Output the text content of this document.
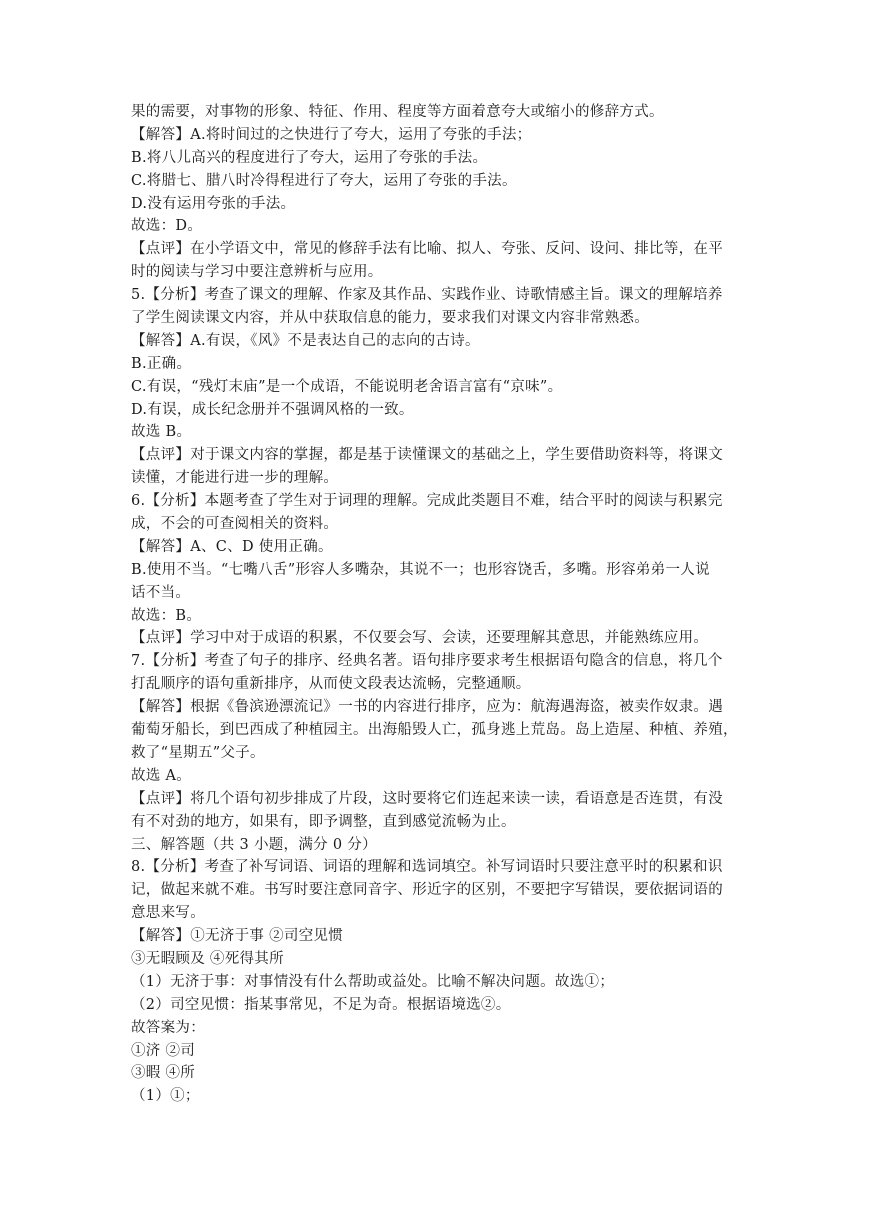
果的需要，对事物的形象、特征、作用、程度等方面着意夸大或缩小的修辞方式。
【解答】A.将时间过的之快进行了夸大，运用了夸张的手法；
B.将八儿高兴的程度进行了夸大，运用了夸张的手法。
C.将腊七、腊八时冷得程进行了夸大，运用了夸张的手法。
D.没有运用夸张的手法。
故选：D。
【点评】在小学语文中，常见的修辞手法有比喻、拟人、夸张、反问、设问、排比等，在平
时的阅读与学习中要注意辨析与应用。
5.【分析】考查了课文的理解、作家及其作品、实践作业、诗歌情感主旨。课文的理解培养
了学生阅读课文内容，并从中获取信息的能力，要求我们对课文内容非常熟悉。
【解答】A.有误，《风》不是表达自己的志向的古诗。
B.正确。
C.有误，“残灯末庙”是一个成语，不能说明老舍语言富有“京味”。
D.有误，成长纪念册并不强调风格的一致。
故选 B。
【点评】对于课文内容的掌握，都是基于读懂课文的基础之上，学生要借助资料等，将课文
读懂，才能进行进一步的理解。
6.【分析】本题考查了学生对于词理的理解。完成此类题目不难，结合平时的阅读与积累完
成，不会的可查阅相关的资料。
【解答】A、C、D 使用正确。
B.使用不当。“七嘴八舌”形容人多嘴杂，其说不一；也形容饶舌，多嘴。形容弟弟一人说
话不当。
故选：B。
【点评】学习中对于成语的积累，不仅要会写、会读，还要理解其意思，并能熟练应用。
7.【分析】考查了句子的排序、经典名著。语句排序要求考生根据语句隐含的信息，将几个
打乱顺序的语句重新排序，从而使文段表达流畅，完整通顺。
【解答】根据《鲁滨逊漂流记》一书的内容进行排序，应为：航海遇海盗，被卖作奴隶。遇
葡萄牙船长，到巴西成了种植园主。出海船毁人亡，孤身逃上荒岛。岛上造屋、种植、养殖，
救了“星期五”父子。
故选 A。
【点评】将几个语句初步排成了片段，这时要将它们连起来读一读，看语意是否连贯，有没
有不对劲的地方，如果有，即予调整，直到感觉流畅为止。
三、解答题（共 3 小题，满分 0 分）
8.【分析】考查了补写词语、词语的理解和选词填空。补写词语时只要注意平时的积累和识
记，做起来就不难。书写时要注意同音字、形近字的区别，不要把字写错误，要依据词语的
意思来写。
【解答】①无济于事 ②司空见惯
③无暇顾及 ④死得其所
（1）无济于事：对事情没有什么帮助或益处。比喻不解决问题。故选①；
（2）司空见惯：指某事常见，不足为奇。根据语境选②。
故答案为：
①济 ②司
③暇 ④所
（1）①；
